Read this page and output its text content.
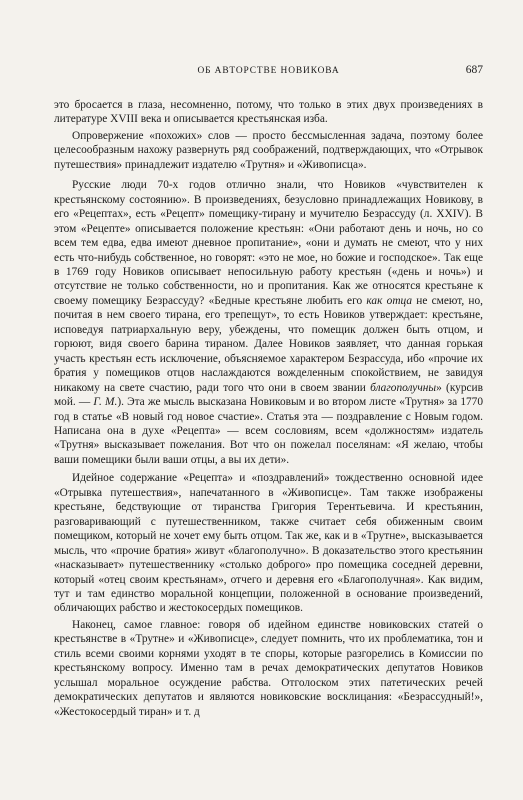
ОБ АВТОРСТВЕ НОВИКОВА	687

это бросается в глаза, несомненно, потому, что только в этих двух произведениях в литературе XVIII века и описывается крестьянская изба.

Опровержение «похожих» слов — просто бессмысленная задача, поэтому более целесообразным нахожу развернуть ряд соображений, подтверждающих, что «Отрывок путешествия» принадлежит издателю «Трутня» и «Живописца».

Русские люди 70-х годов отлично знали, что Новиков «чувствителен к крестьянскому состоянию». В произведениях, безусловно принадлежащих Новикову, в его «Рецептах», есть «Рецепт» помещику-тирану и мучителю Безрассуду (л. XXIV). В этом «Рецепте» описывается положение крестьян: «Они работают день и ночь, но со всем тем едва, едва имеют дневное пропитание», «они и думать не смеют, что у них есть что-нибудь собственное, но говорят: «это не мое, но божие и господское». Так еще в 1769 году Новиков описывает непосильную работу крестьян («день и ночь») и отсутствие не только собственности, но и пропитания. Как же относятся крестьяне к своему помещику Безрассуду? «Бедные крестьяне любить его как отца не смеют, но, почитая в нем своего тирана, его трепещут», то есть Новиков утверждает: крестьяне, исповедуя патриархальную веру, убеждены, что помещик должен быть отцом, и горюют, видя своего барина тираном. Далее Новиков заявляет, что данная горькая участь крестьян есть исключение, объясняемое характером Безрассуда, ибо «прочие их братия у помещиков отцов наслаждаются вожделенным спокойствием, не завидуя никакому на свете счастию, ради того что они в своем звании благополучны» (курсив мой. — Г. М.). Эта же мысль высказана Новиковым и во втором листе «Трутня» за 1770 год в статье «В новый год новое счастие». Статья эта — поздравление с Новым годом. Написана она в духе «Рецепта» — всем сословиям, всем «должностям» издатель «Трутня» высказывает пожелания. Вот что он пожелал поселянам: «Я желаю, чтобы ваши помещики были ваши отцы, а вы их дети».

Идейное содержание «Рецепта» и «поздравлений» тождественно основной идее «Отрывка путешествия», напечатанного в «Живописце». Там также изображены крестьяне, бедствующие от тиранства Григория Терентьевича. И крестьянин, разговаривающий с путешественником, также считает себя обиженным своим помещиком, который не хочет ему быть отцом. Так же, как и в «Трутне», высказывается мысль, что «прочие братия» живут «благополучно». В доказательство этого крестьянин «насказывает» путешественнику «столько доброго» про помещика соседней деревни, который «отец своим крестьянам», отчего и деревня его «Благополучная». Как видим, тут и там единство моральной концепции, положенной в основание произведений, обличающих рабство и жестокосердых помещиков.

Наконец, самое главное: говоря об идейном единстве новиковских статей о крестьянстве в «Трутне» и «Живописце», следует помнить, что их проблематика, тон и стиль всеми своими корнями уходят в те споры, которые разгорелись в Комиссии по крестьянскому вопросу. Именно там в речах демократических депутатов Новиков услышал моральное осуждение рабства. Отголоском этих патетических речей демократических депутатов и являются новиковские восклицания: «Безрассудный!», «Жестокосердый тиран» и т. д
